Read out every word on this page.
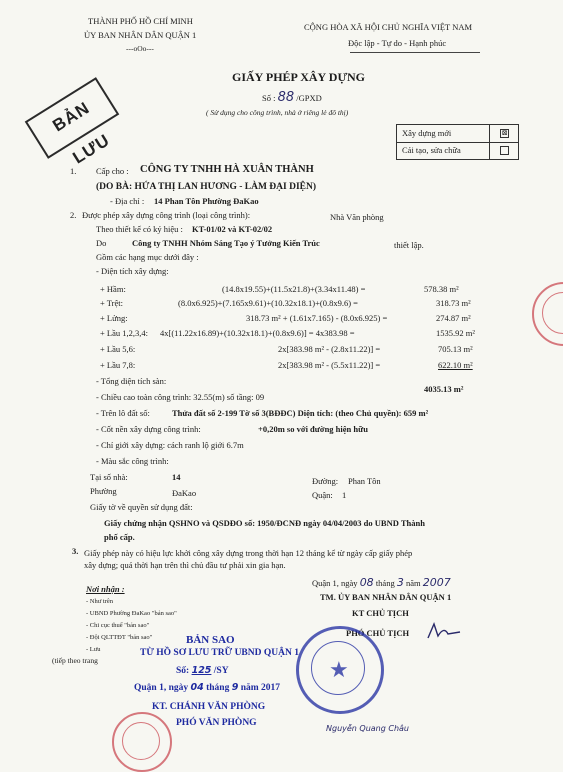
THÀNH PHỐ HỒ CHÍ MINH
ỦY BAN NHÂN DÂN QUẬN 1
---oOo---
CỘNG HÒA XÃ HỘI CHỦ NGHĨA VIỆT NAM
Độc lập - Tự do - Hạnh phúc
GIẤY PHÉP XÂY DỰNG
Số : 88 /GPXD
( Sử dụng cho công trình, nhà ở riêng lẻ đô thị)
Xây dựng mới	⊠
Cải tạo, sửa chữa
BẢN LƯU
1. Cấp cho : CÔNG TY TNHH HÀ XUÂN THÀNH
(DO BÀ: HỨA THỊ LAN HƯƠNG - LÀM ĐẠI DIỆN)
- Địa chỉ : 14 Phan Tôn Phường ĐaKao
2. Được phép xây dựng công trình (loại công trình):	Nhà Văn phòng
Theo thiết kế có ký hiệu : KT-01/02 và KT-02/02
Do	Công ty TNHH Nhóm Sáng Tạo ý Tưởng Kiến Trúc	thiết lập.
Gồm các hạng mục dưới đây :
- Diện tích xây dựng:
+ Hầm:	(14.8x19.55)+(11.5x21.8)+(3.34x11.48) =	578.38 m²
+ Trệt:	(8.0x6.925)+(7.165x9.61)+(10.32x18.1)+(0.8x9.6) =	318.73 m²
+ Lửng:	318.73 m² + (1.61x7.165) - (8.0x6.925) =	274.87 m²
+ Lầu 1,2,3,4: 4x[(11.22x16.89)+(10.32x18.1)+(0.8x9.6)] = 4x383.98 =	1535.92 m²
+ Lầu 5,6:	2x[383.98 m² - (2.8x11.22)] =	705.13 m²
+ Lầu 7,8:	2x[383.98 m² - (5.5x11.22)] =	622.10 m²
- Tổng diện tích sàn:
4035.13 m²
- Chiều cao toàn công trình: 32.55(m) số tầng: 09
- Trên lô đất số:	Thửa đất số 2-199 Tờ số 3(BĐĐC) Diện tích: (theo Chủ quyền): 659 m²
- Cốt nền xây dựng công trình:	+0,20m so với đường hiện hữu
- Chỉ giới xây dựng: cách ranh lộ giới 6.7m
- Màu sắc công trình:
Tại số nhà:	14	Đường: Phan Tôn
Phường	ĐaKao	Quận: 1
Giấy tờ về quyền sử dụng đất:
Giấy chứng nhận QSHNO và QSDĐO số: 1950/ĐCNĐ ngày 04/04/2003 do UBND Thành
phố cấp.
3. Giấy phép này có hiệu lực khởi công xây dựng trong thời hạn 12 tháng kể từ ngày cấp giấy phép
xây dựng; quá thời hạn trên thì chủ đầu tư phải xin gia hạn.
Quận 1, ngày 08 tháng 3 năm 2007
Nơi nhận :
- Như trên
- UBND Phường ĐaKao "bản sao"
- Chi cục thuế "bản sao"
- Đội QLTTĐT "bản sao"
- Lưu
(tiếp theo trang
TM. ỦY BAN NHÂN DÂN QUẬN 1
KT CHỦ TỊCH
PHÓ CHỦ TỊCH
★
BẢN SAO
TỪ HỒ SƠ LƯU TRỮ UBND QUẬN 1
Số: 125 /SY
Quận 1, ngày 04 tháng 9 năm 2017
KT. CHÁNH VĂN PHÒNG
PHÓ VĂN PHÒNG
Nguyễn Quang Châu
